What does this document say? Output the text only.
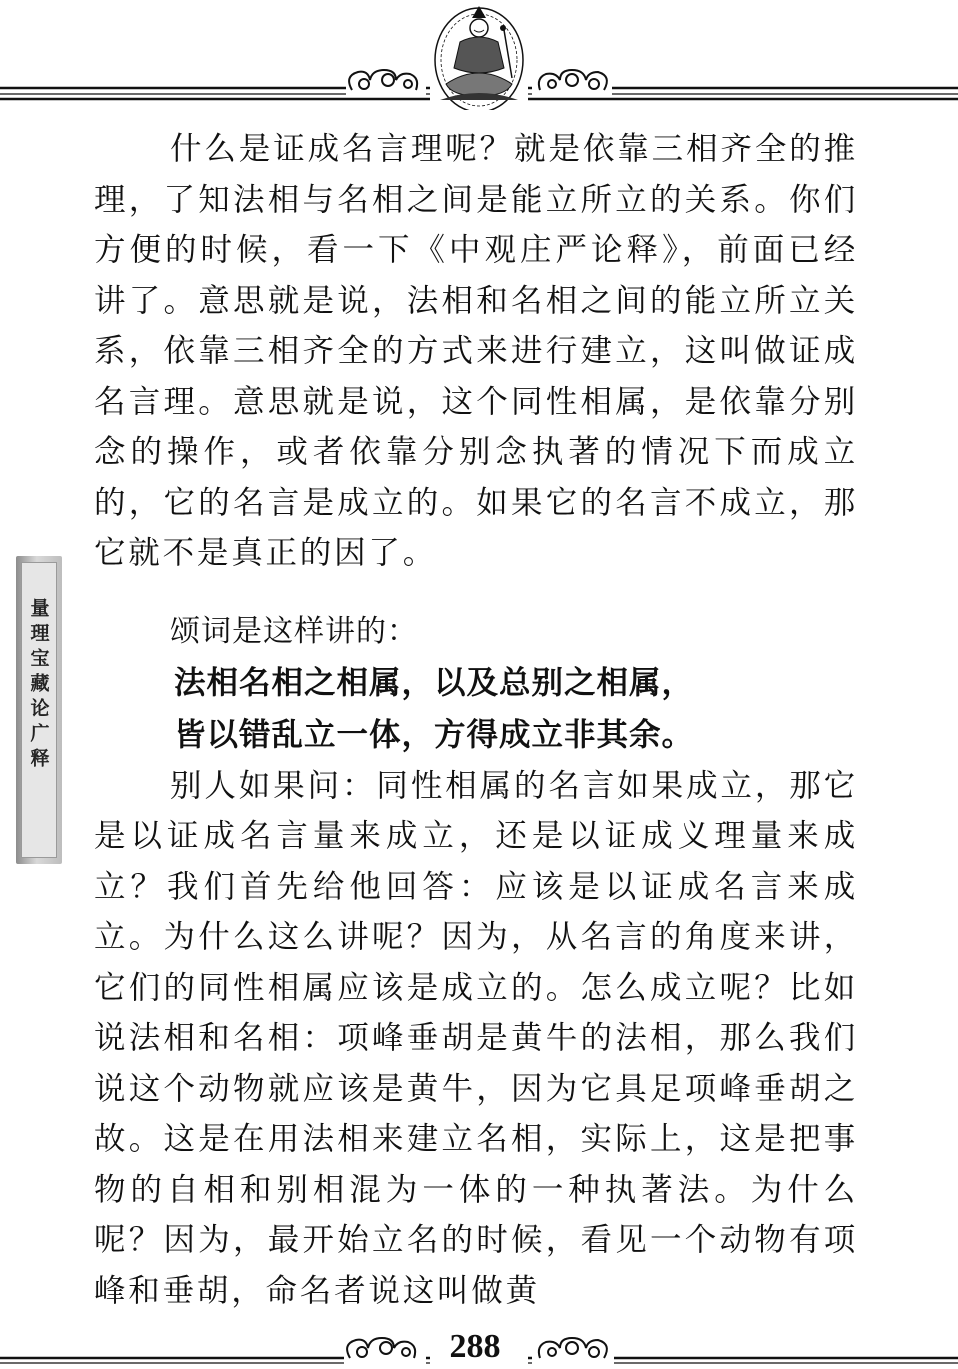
量理宝藏论广释

什么是证成名言理呢？就是依靠三相齐全的推理，了知法相与名相之间是能立所立的关系。你们方便的时候，看一下《中观庄严论释》，前面已经讲了。意思就是说，法相和名相之间的能立所立关系，依靠三相齐全的方式来进行建立，这叫做证成名言理。意思就是说，这个同性相属，是依靠分别念的操作，或者依靠分别念执著的情况下而成立的，它的名言是成立的。如果它的名言不成立，那它就不是真正的因了。

颂词是这样讲的：

法相名相之相属，以及总别之相属，

皆以错乱立一体，方得成立非其余。

别人如果问：同性相属的名言如果成立，那它是以证成名言量来成立，还是以证成义理量来成立？我们首先给他回答：应该是以证成名言来成立。为什么这么讲呢？因为，从名言的角度来讲，它们的同性相属应该是成立的。怎么成立呢？比如说法相和名相：项峰垂胡是黄牛的法相，那么我们说这个动物就应该是黄牛，因为它具足项峰垂胡之故。这是在用法相来建立名相，实际上，这是把事物的自相和别相混为一体的一种执著法。为什么呢？因为，最开始立名的时候，看见一个动物有项峰和垂胡，命名者说这叫做黄

288
